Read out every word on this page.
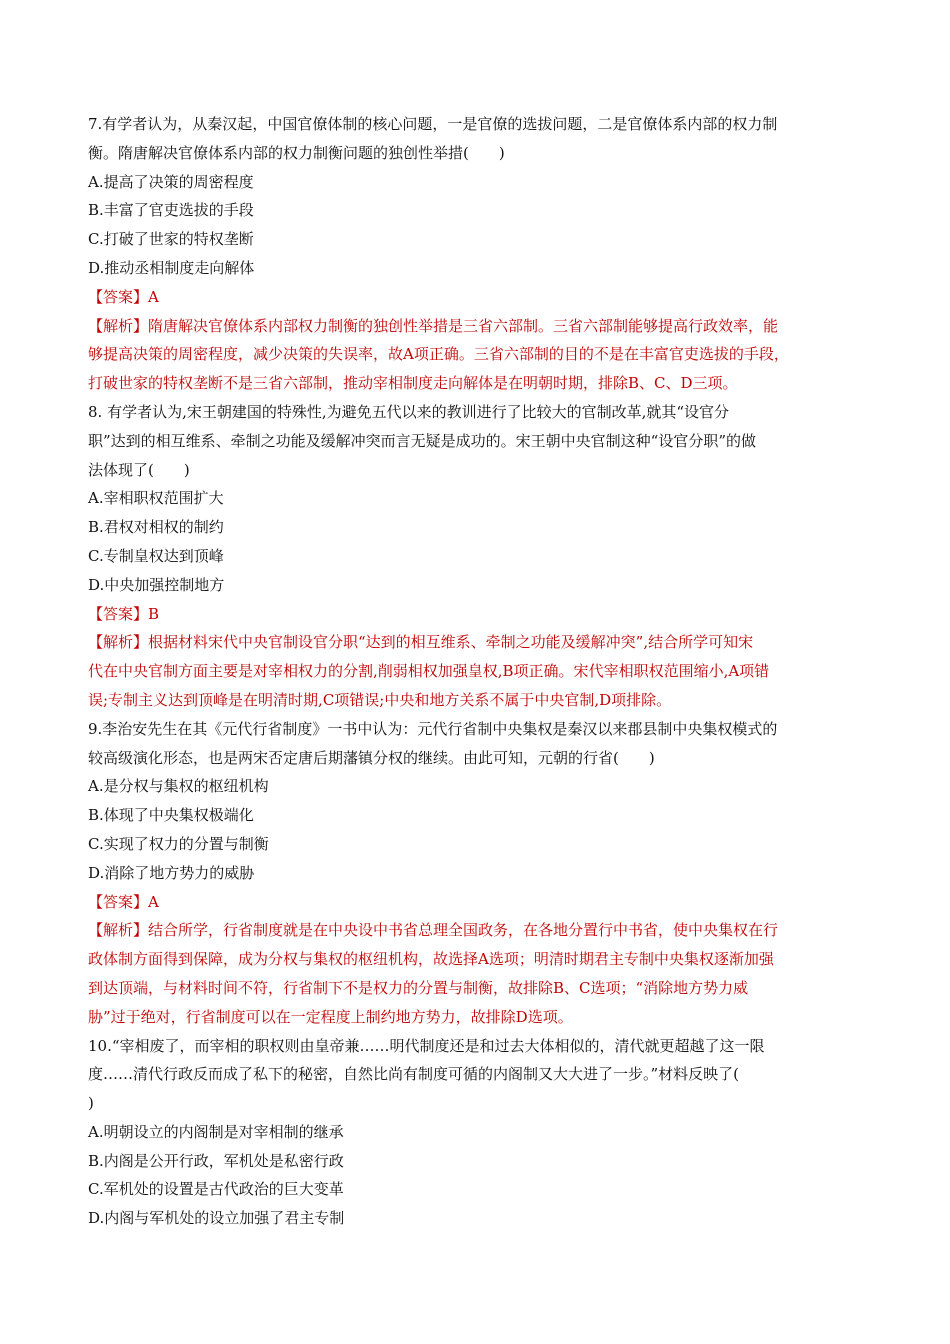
7.有学者认为，从秦汉起，中国官僚体制的核心问题，一是官僚的选拔问题，二是官僚体系内部的权力制
衡。隋唐解决官僚体系内部的权力制衡问题的独创性举措(　　)
A.提高了决策的周密程度
B.丰富了官吏选拔的手段
C.打破了世家的特权垄断
D.推动丞相制度走向解体
【答案】A
【解析】隋唐解决官僚体系内部权力制衡的独创性举措是三省六部制。三省六部制能够提高行政效率，能
够提高决策的周密程度，减少决策的失误率，故A项正确。三省六部制的目的不是在丰富官吏选拔的手段，
打破世家的特权垄断不是三省六部制，推动宰相制度走向解体是在明朝时期，排除B、C、D三项。
8. 有学者认为,宋王朝建国的特殊性,为避免五代以来的教训进行了比较大的官制改革,就其“设官分
职”达到的相互维系、牵制之功能及缓解冲突而言无疑是成功的。宋王朝中央官制这种“设官分职”的做
法体现了(　　)
A.宰相职权范围扩大
B.君权对相权的制约
C.专制皇权达到顶峰
D.中央加强控制地方
【答案】B
【解析】根据材料宋代中央官制设官分职“达到的相互维系、牵制之功能及缓解冲突”,结合所学可知宋
代在中央官制方面主要是对宰相权力的分割,削弱相权加强皇权,B项正确。宋代宰相职权范围缩小,A项错
误;专制主义达到顶峰是在明清时期,C项错误;中央和地方关系不属于中央官制,D项排除。
9.李治安先生在其《元代行省制度》一书中认为：元代行省制中央集权是秦汉以来郡县制中央集权模式的
较高级演化形态，也是两宋否定唐后期藩镇分权的继续。由此可知，元朝的行省(　　)
A.是分权与集权的枢纽机构
B.体现了中央集权极端化
C.实现了权力的分置与制衡
D.消除了地方势力的威胁
【答案】A
【解析】结合所学，行省制度就是在中央设中书省总理全国政务，在各地分置行中书省，使中央集权在行
政体制方面得到保障，成为分权与集权的枢纽机构，故选择A选项；明清时期君主专制中央集权逐渐加强
到达顶端，与材料时间不符，行省制下不是权力的分置与制衡，故排除B、C选项；“消除地方势力威
胁”过于绝对，行省制度可以在一定程度上制约地方势力，故排除D选项。
10.“宰相废了，而宰相的职权则由皇帝兼……明代制度还是和过去大体相似的，清代就更超越了这一限
度……清代行政反而成了私下的秘密，自然比尚有制度可循的内阁制又大大进了一步。”材料反映了(
)
A.明朝设立的内阁制是对宰相制的继承
B.内阁是公开行政，军机处是私密行政
C.军机处的设置是古代政治的巨大变革
D.内阁与军机处的设立加强了君主专制
